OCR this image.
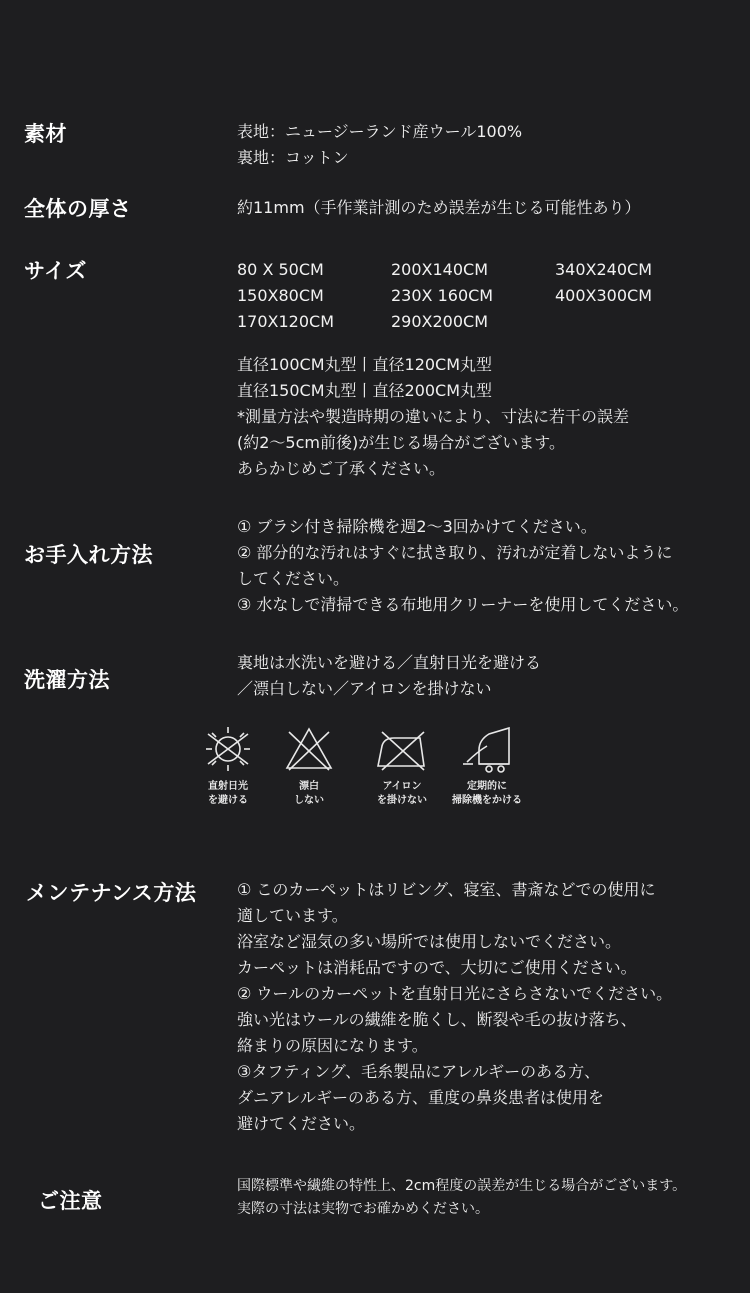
素材	表地：ニュージーランド産ウール100%
裏地：コットン
全体の厚さ	約11mm（手作業計測のため誤差が生じる可能性あり）
サイズ	80 X 50CM	200X140CM	340X240CM
150X80CM	230X 160CM	400X300CM
170X120CM	290X200CM
直径100CM丸型丨直径120CM丸型
直径150CM丸型丨直径200CM丸型
*測量方法や製造時期の違いにより、寸法に若干の誤差
(約2～5cm前後)が生じる場合がございます。
あらかじめご了承ください。
お手入れ方法
① ブラシ付き掃除機を週2～3回かけてください。
② 部分的な汚れはすぐに拭き取り、汚れが定着しないように
してください。
③ 水なしで清掃できる布地用クリーナーを使用してください。
洗濯方法
裏地は水洗いを避ける／直射日光を避ける
／漂白しない／アイロンを掛けない
直射日光
を避ける
漂白
しない
アイロン
を掛けない
定期的に
掃除機をかける
メンテナンス方法	① このカーペットはリビング、寝室、書斎などでの使用に
適しています。
浴室など湿気の多い場所では使用しないでください。
カーペットは消耗品ですので、大切にご使用ください。
② ウールのカーペットを直射日光にさらさないでください。
強い光はウールの繊維を脆くし、断裂や毛の抜け落ち、
絡まりの原因になります。
③タフティング、毛糸製品にアレルギーのある方、
ダニアレルギーのある方、重度の鼻炎患者は使用を
避けてください。
ご注意
国際標準や繊維の特性上、2cm程度の誤差が生じる場合がございます。
実際の寸法は実物でお確かめください。
